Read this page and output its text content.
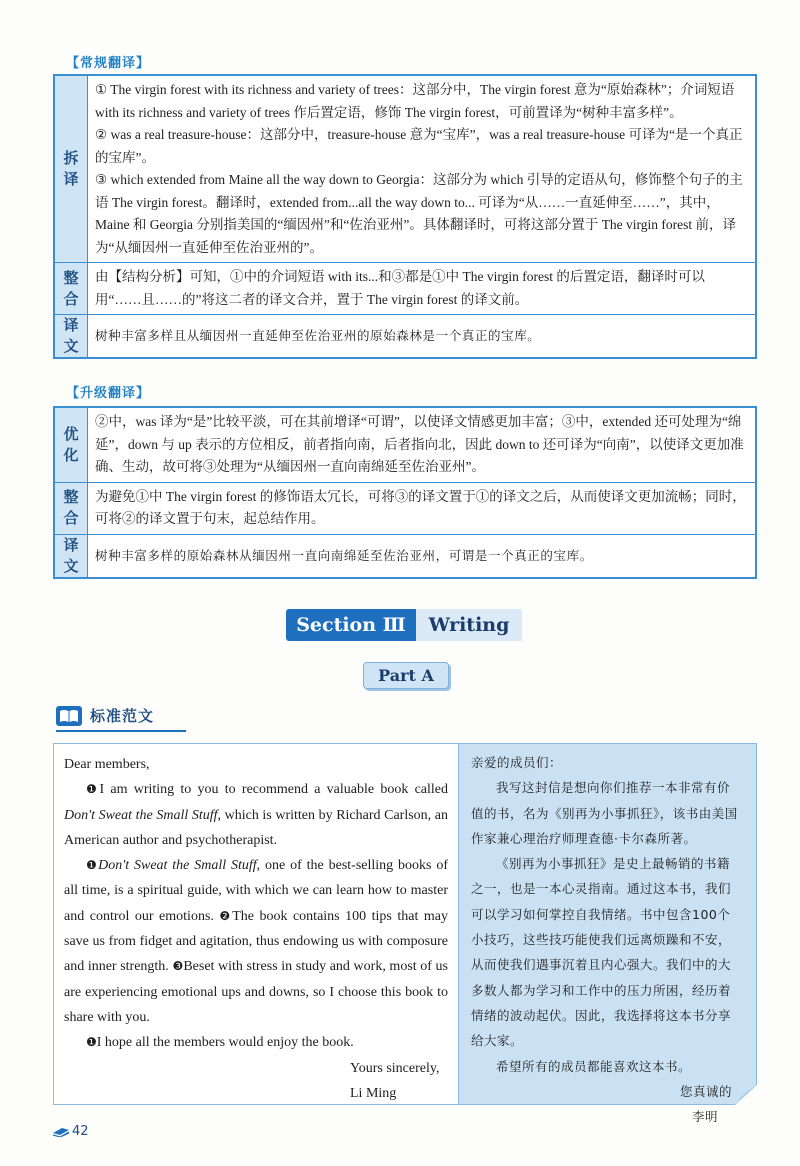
【常规翻译】
拆译

① The virgin forest with its richness and variety of trees：这部分中，The virgin forest 意为“原始森林”；介词短语 with its richness and variety of trees 作后置定语，修饰 The virgin forest，可前置译为“树种丰富多样”。

② was a real treasure-house：这部分中，treasure-house 意为“宝库”，was a real treasure-house 可译为“是一个真正的宝库”。

③ which extended from Maine all the way down to Georgia：这部分为 which 引导的定语从句，修饰整个句子的主语 The virgin forest。翻译时，extended from...all the way down to... 可译为“从……一直延伸至……”，其中，Maine 和 Georgia 分别指美国的“缅因州”和“佐治亚州”。具体翻译时，可将这部分置于 The virgin forest 前，译为“从缅因州一直延伸至佐治亚州的”。

整合

由【结构分析】可知，①中的介词短语 with its...和③都是①中 The virgin forest 的后置定语，翻译时可以用“……且……的”将这二者的译文合并，置于 The virgin forest 的译文前。

译文

树种丰富多样且从缅因州一直延伸至佐治亚州的原始森林是一个真正的宝库。

【升级翻译】
优化

②中，was 译为“是”比较平淡，可在其前增译“可谓”，以使译文情感更加丰富；③中，extended 还可处理为“绵延”，down 与 up 表示的方位相反，前者指向南，后者指向北，因此 down to 还可译为“向南”，以使译文更加准确、生动，故可将③处理为“从缅因州一直向南绵延至佐治亚州”。

整合

为避免①中 The virgin forest 的修饰语太冗长，可将③的译文置于①的译文之后，从而使译文更加流畅；同时，可将②的译文置于句末，起总结作用。

译文

树种丰富多样的原始森林从缅因州一直向南绵延至佐治亚州，可谓是一个真正的宝库。

Section Ⅲ	Writing
Part A
标准范文

Dear members,

❶I am writing to you to recommend a valuable book called Don't Sweat the Small Stuff, which is written by Richard Carlson, an American author and psychotherapist.

❶Don't Sweat the Small Stuff, one of the best-selling books of all time, is a spiritual guide, with which we can learn how to master and control our emotions. ❷The book contains 100 tips that may save us from fidget and agitation, thus endowing us with composure and inner strength. ❸Beset with stress in study and work, most of us are experiencing emotional ups and downs, so I choose this book to share with you.

❶I hope all the members would enjoy the book.

Yours sincerely,

Li Ming

亲爱的成员们：

我写这封信是想向你们推荐一本非常有价值的书，名为《别再为小事抓狂》，该书由美国作家兼心理治疗师理查德·卡尔森所著。

《别再为小事抓狂》是史上最畅销的书籍之一，也是一本心灵指南。通过这本书，我们可以学习如何掌控自我情绪。书中包含100个小技巧，这些技巧能使我们远离烦躁和不安，从而使我们遇事沉着且内心强大。我们中的大多数人都为学习和工作中的压力所困，经历着情绪的波动起伏。因此，我选择将这本书分享给大家。

希望所有的成员都能喜欢这本书。

您真诚的

李明

42
